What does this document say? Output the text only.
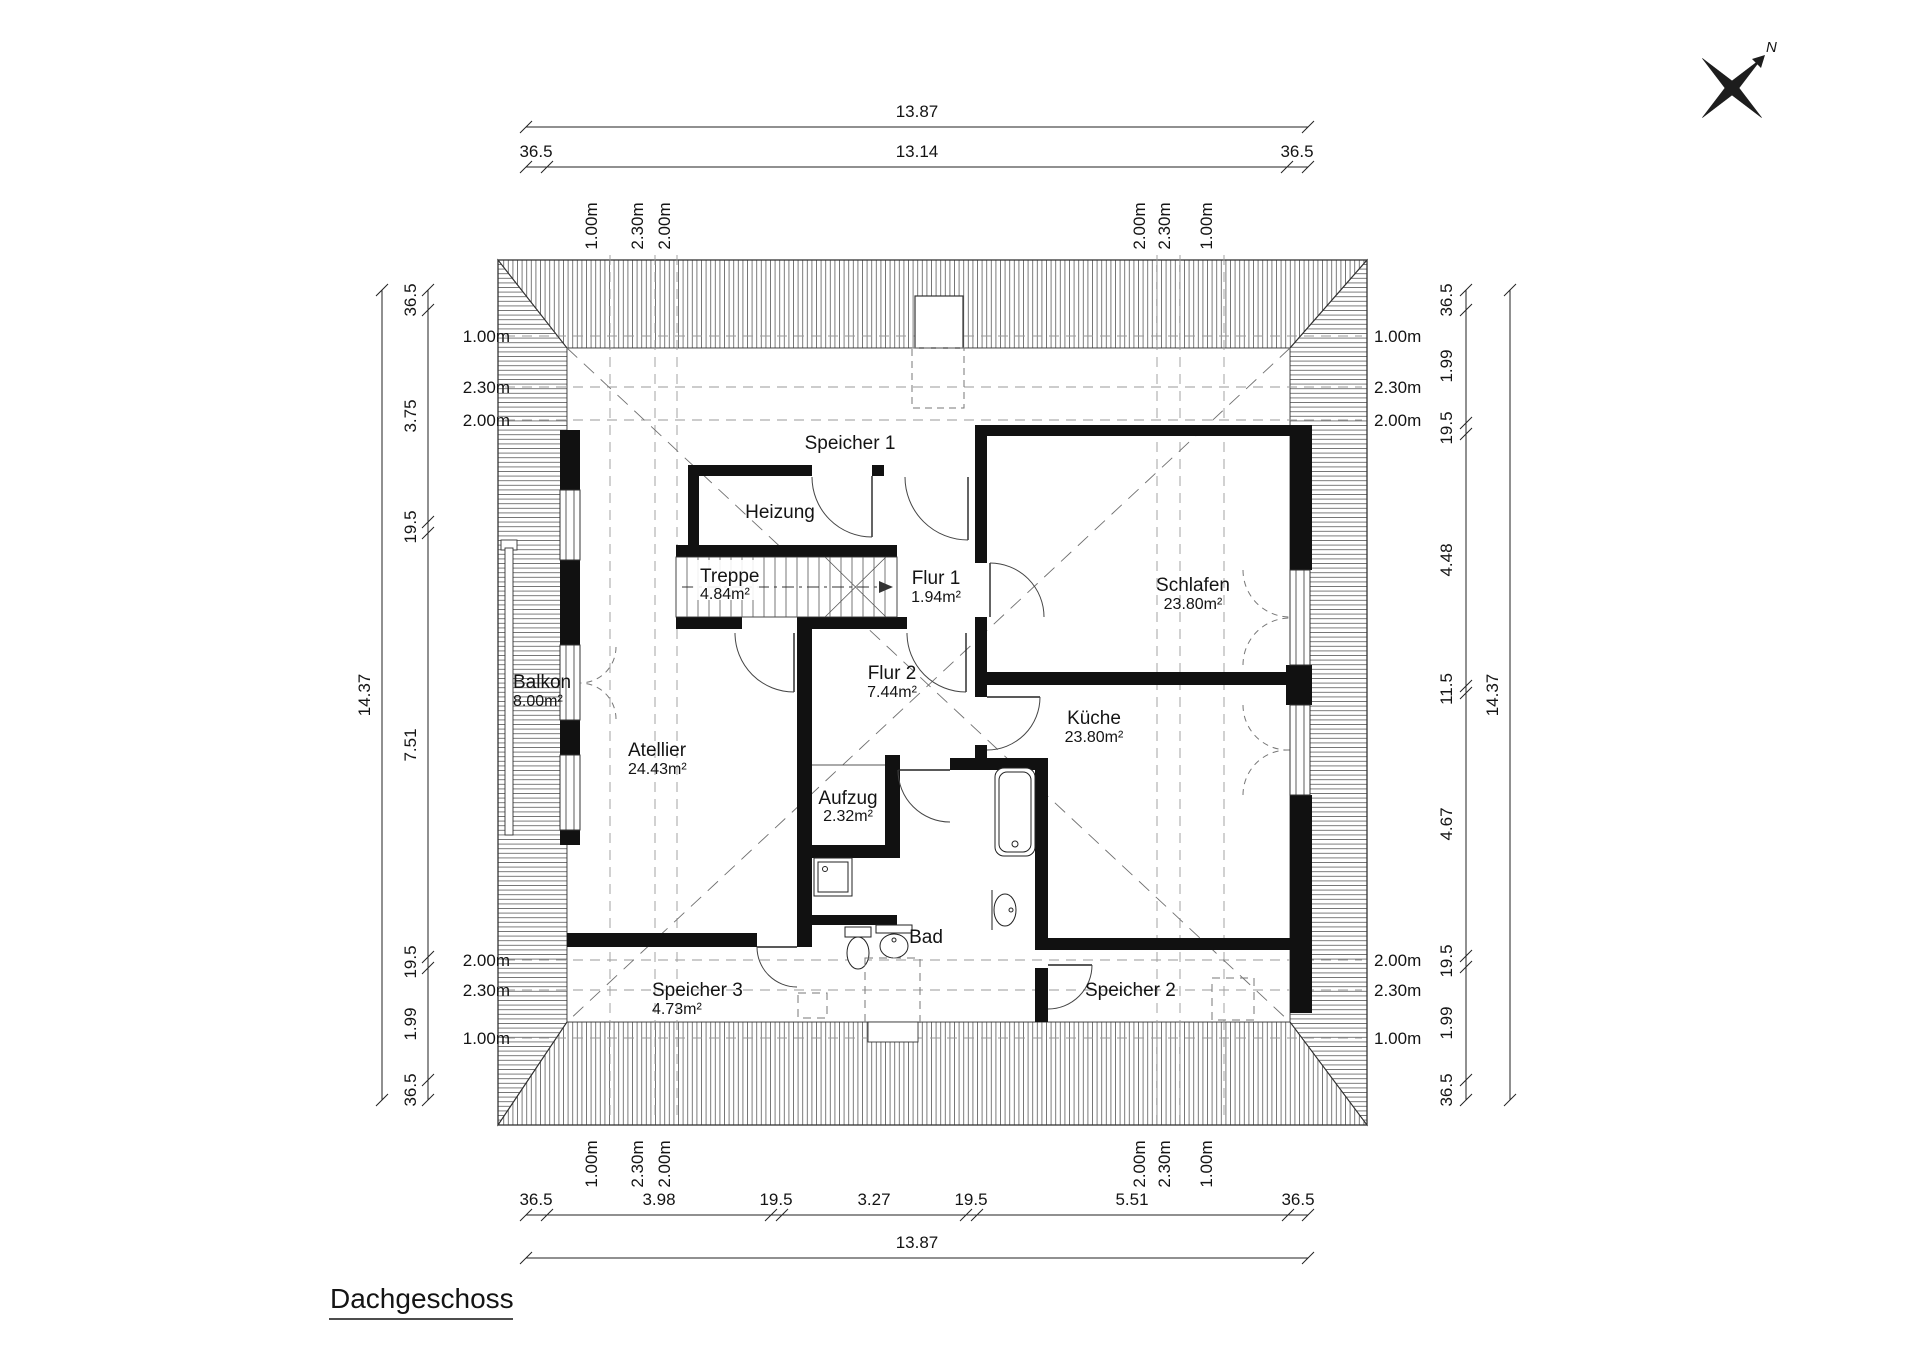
Speicher 1
Heizung
Treppe
4.84m²
Flur 1
1.94m²
Schlafen
23.80m²
Balkon
8.00m²
Flur 2
7.44m²
Küche
23.80m²
Atellier
24.43m²
Aufzug
2.32m²
Bad
Speicher 3
4.73m²
Speicher 2
13.87
36.5	13.14	36.5
36.5	3.98	19.5	3.27	19.5	5.51	36.5
13.87
14.37
36.5
3.75
19.5
7.51
19.5
1.99
36.5
36.5
1.99
19.5
4.48
11.5
4.67
19.5
1.99
36.5
14.37
1.00m 2.30m 2.00m	2.00m 2.30m 1.00m
1.00m 2.30m 2.00m	2.00m 2.30m 1.00m
1.00m
2.30m
2.00m
2.00m
2.30m
1.00m
1.00m
2.30m
2.00m
2.00m
2.30m
1.00m
N
Dachgeschoss
